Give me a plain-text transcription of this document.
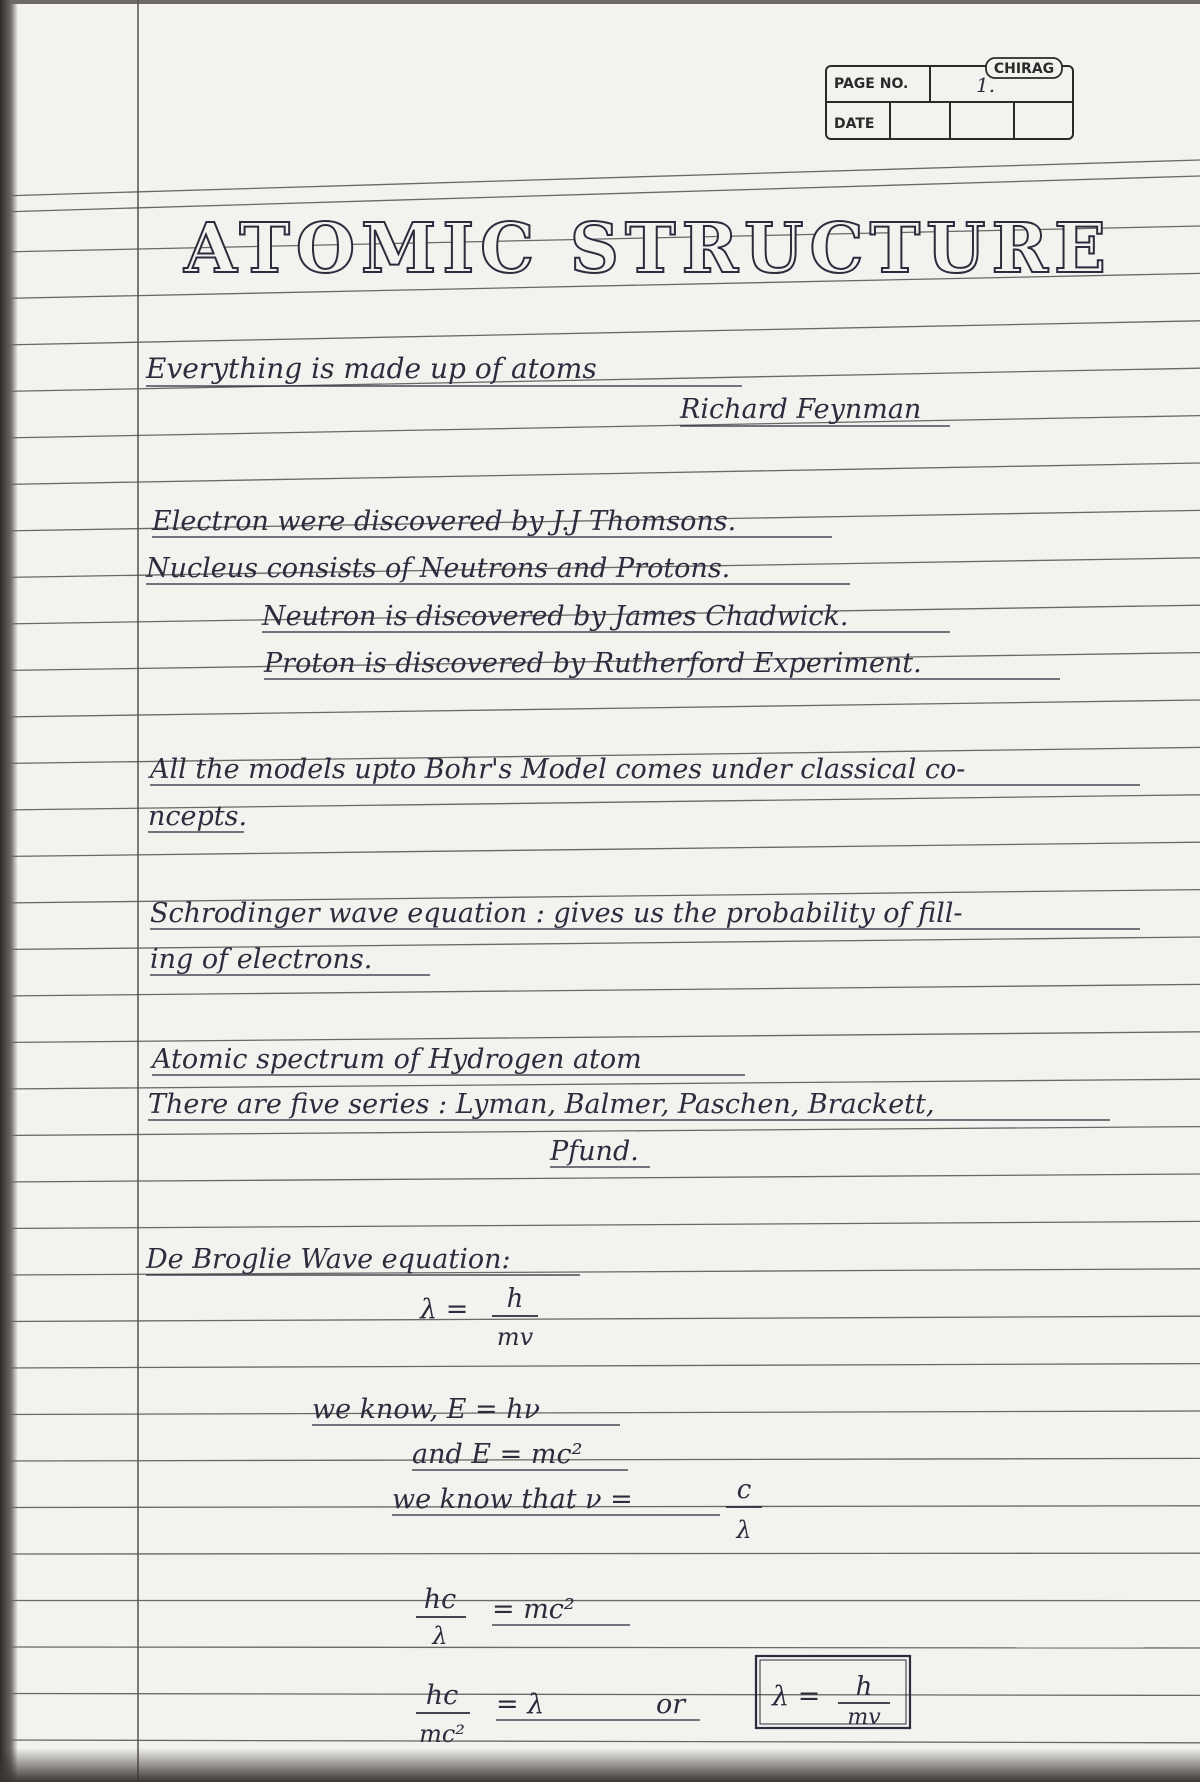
CHIRAG
PAGE NO.	1.
DATE
ATOMIC STRUCTURE
Everything is made up of atoms
Richard Feynman
Electron were discovered by J.J Thomsons.
Nucleus consists of Neutrons and Protons.
Neutron is discovered by James Chadwick.
Proton is discovered by Rutherford Experiment.
All the models upto Bohr's Model comes under classical co-
ncepts.
Schrodinger wave equation : gives us the probability of fill-
ing of electrons.
Atomic spectrum of Hydrogen atom
There are five series : Lyman, Balmer, Paschen, Brackett,
Pfund.
De Broglie Wave equation:
λ = h
mv
we know, E = hν
and E = mc²
we know that ν =	c
λ
hc
λ
= mc²
hc
mc²
= λ	or	λ = h
mv
